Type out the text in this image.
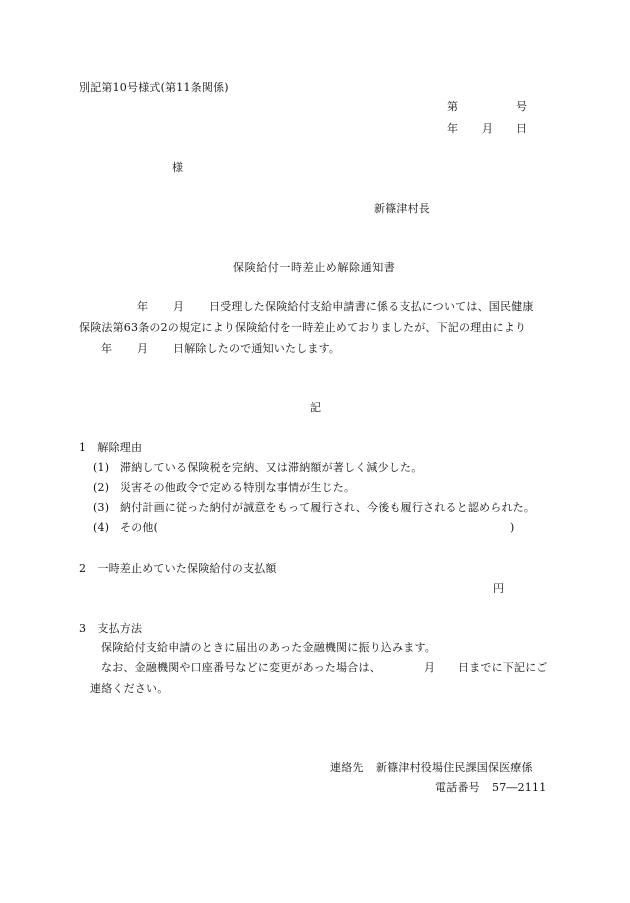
別記第10号様式(第11条関係)
第	号
年 月 日
様
新篠津村長
保険給付一時差止め解除通知書
年 月 日受理した保険給付支給申請書に係る支払については、国民健康
保険法第63条の2の規定により保険給付を一時差止めておりましたが、下記の理由により
年 月 日解除したので通知いたします。
記
1　解除理由
(1) 滞納している保険税を完納、又は滞納額が著しく減少した。
(2) 災害その他政令で定める特別な事情が生じた。
(3) 納付計画に従った納付が誠意をもって履行され、今後も履行されると認められた。
(4) その他(	)
2　一時差止めていた保険給付の支払額
円
3　支払方法
保険給付支給申請のときに届出のあった金融機関に振り込みます。
なお、金融機関や口座番号などに変更があった場合は、	月 日までに下記にご
連絡ください。
連絡先 新篠津村役場住民課国保医療係
電話番号 57―2111
